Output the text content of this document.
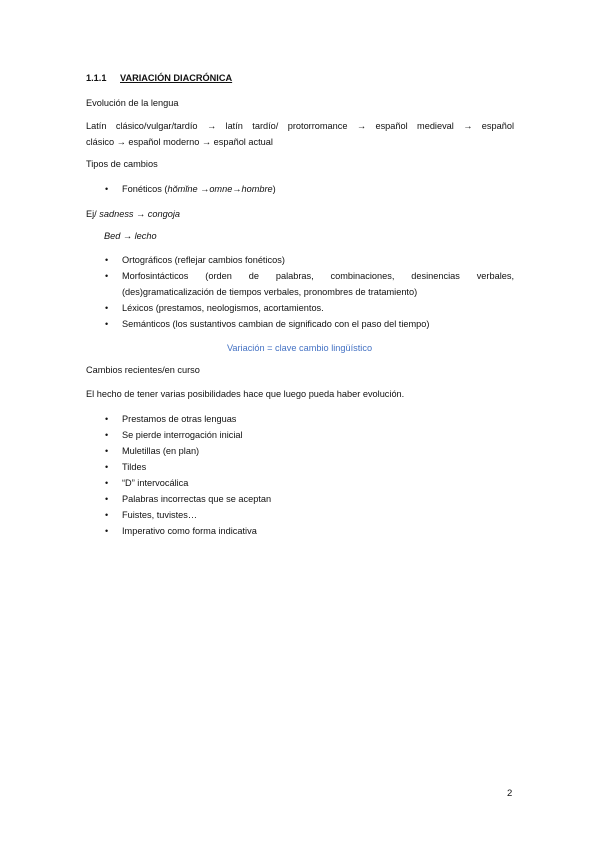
1.1.1 VARIACIÓN DIACRÓNICA
Evolución de la lengua
Latín clásico/vulgar/tardío → latín tardío/ protorromance → español medieval → español
clásico → español moderno → español actual
Tipos de cambios
• Fonéticos (hŏmĭne →omne→hombre)
Ej/ sadness → congoja
Bed → lecho
• Ortográficos (reflejar cambios fonéticos)
• Morfosintácticos (orden de palabras, combinaciones, desinencias verbales,
(des)gramaticalización de tiempos verbales, pronombres de tratamiento)
• Léxicos (prestamos, neologismos, acortamientos.
• Semánticos (los sustantivos cambian de significado con el paso del tiempo)
Variación = clave cambio lingüístico
Cambios recientes/en curso
El hecho de tener varias posibilidades hace que luego pueda haber evolución.
• Prestamos de otras lenguas
• Se pierde interrogación inicial
• Muletillas (en plan)
• Tildes
• “D” intervocálica
• Palabras incorrectas que se aceptan
• Fuistes, tuvistes…
• Imperativo como forma indicativa
2
